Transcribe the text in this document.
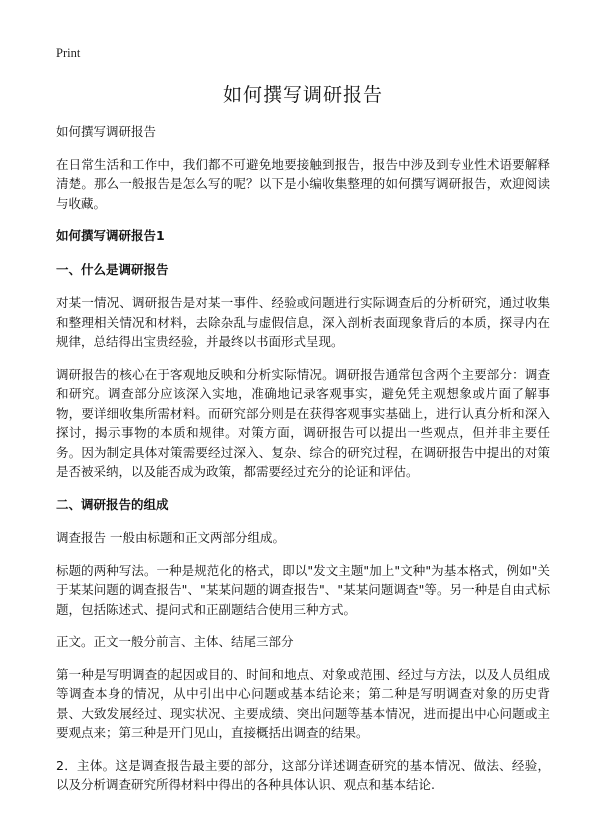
Print
如何撰写调研报告

如何撰写调研报告

在日常生活和工作中，我们都不可避免地要接触到报告，报告中涉及到专业性术语要解释清楚。那么一般报告是怎么写的呢？以下是小编收集整理的如何撰写调研报告，欢迎阅读与收藏。

如何撰写调研报告1

一、什么是调研报告

对某一情况、调研报告是对某一事件、经验或问题进行实际调查后的分析研究，通过收集和整理相关情况和材料，去除杂乱与虚假信息，深入剖析表面现象背后的本质，探寻内在规律，总结得出宝贵经验，并最终以书面形式呈现。

调研报告的核心在于客观地反映和分析实际情况。调研报告通常包含两个主要部分：调查和研究。调查部分应该深入实地，准确地记录客观事实，避免凭主观想象或片面了解事物，要详细收集所需材料。而研究部分则是在获得客观事实基础上，进行认真分析和深入探讨，揭示事物的本质和规律。对策方面，调研报告可以提出一些观点，但并非主要任务。因为制定具体对策需要经过深入、复杂、综合的研究过程，在调研报告中提出的对策是否被采纳，以及能否成为政策，都需要经过充分的论证和评估。

二、调研报告的组成

调查报告 一般由标题和正文两部分组成。

标题的两种写法。一种是规范化的格式，即以"发文主题"加上"文种"为基本格式，例如"关于某某问题的调查报告"、"某某问题的调查报告"、"某某问题调查"等。另一种是自由式标题，包括陈述式、提问式和正副题结合使用三种方式。

正文。正文一般分前言、主体、结尾三部分

第一种是写明调查的起因或目的、时间和地点、对象或范围、经过与方法，以及人员组成等调查本身的情况，从中引出中心问题或基本结论来；第二种是写明调查对象的历史背景、大致发展经过、现实状况、主要成绩、突出问题等基本情况，进而提出中心问题或主要观点来；第三种是开门见山，直接概括出调查的结果。

2．主体。这是调查报告最主要的部分，这部分详述调查研究的基本情况、做法、经验，以及分析调查研究所得材料中得出的各种具体认识、观点和基本结论.
